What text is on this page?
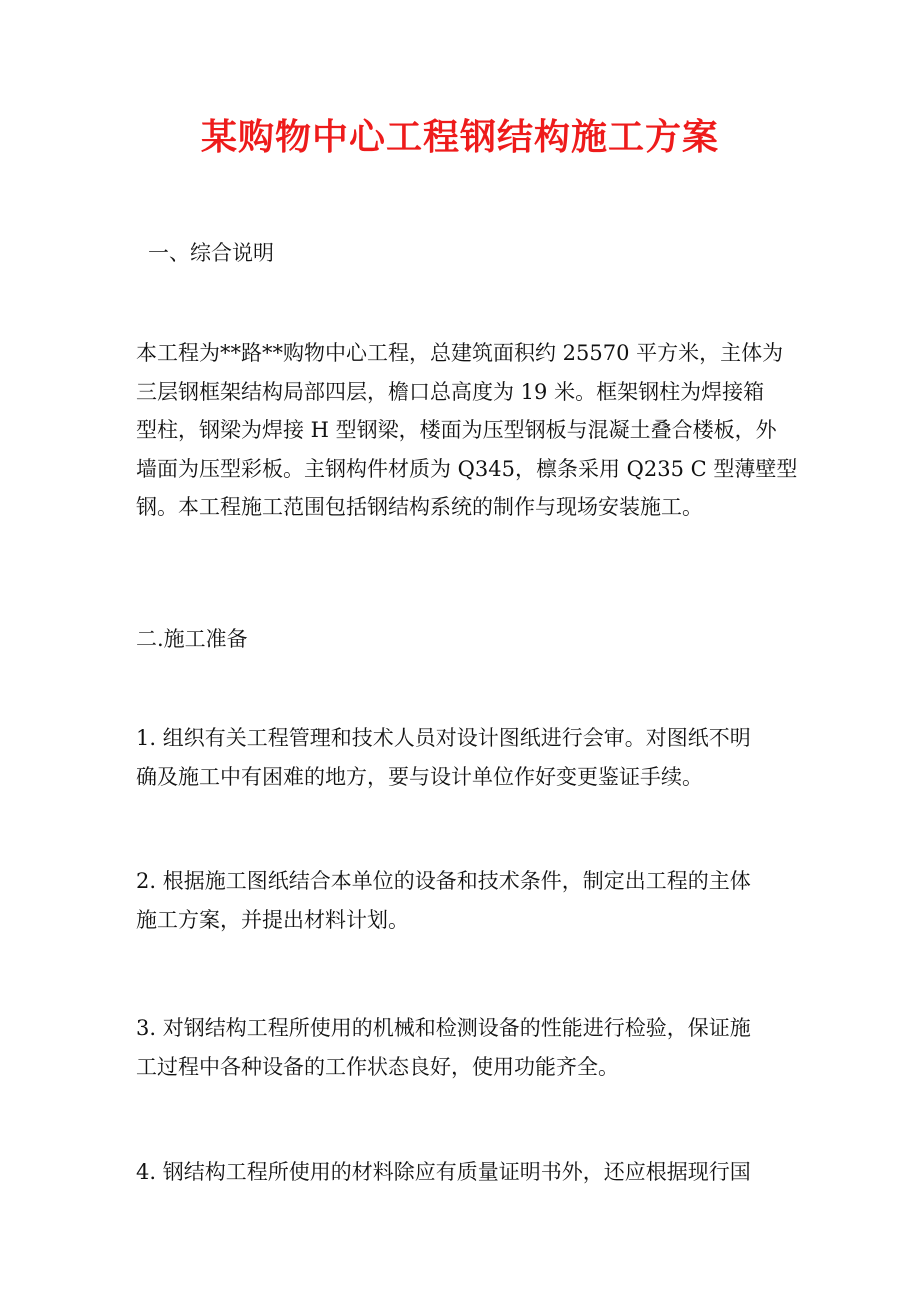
某购物中心工程钢结构施工方案
一、综合说明
本工程为**路**购物中心工程，总建筑面积约 25570 平方米，主体为
三层钢框架结构局部四层，檐口总高度为 19 米。框架钢柱为焊接箱
型柱，钢梁为焊接 H 型钢梁，楼面为压型钢板与混凝土叠合楼板，外
墙面为压型彩板。主钢构件材质为 Q345，檩条采用 Q235 C 型薄壁型
钢。本工程施工范围包括钢结构系统的制作与现场安装施工。
二.施工准备
1. 组织有关工程管理和技术人员对设计图纸进行会审。对图纸不明
确及施工中有困难的地方，要与设计单位作好变更鉴证手续。
2. 根据施工图纸结合本单位的设备和技术条件，制定出工程的主体
施工方案，并提出材料计划。
3. 对钢结构工程所使用的机械和检测设备的性能进行检验，保证施
工过程中各种设备的工作状态良好，使用功能齐全。
4. 钢结构工程所使用的材料除应有质量证明书外，还应根据现行国
